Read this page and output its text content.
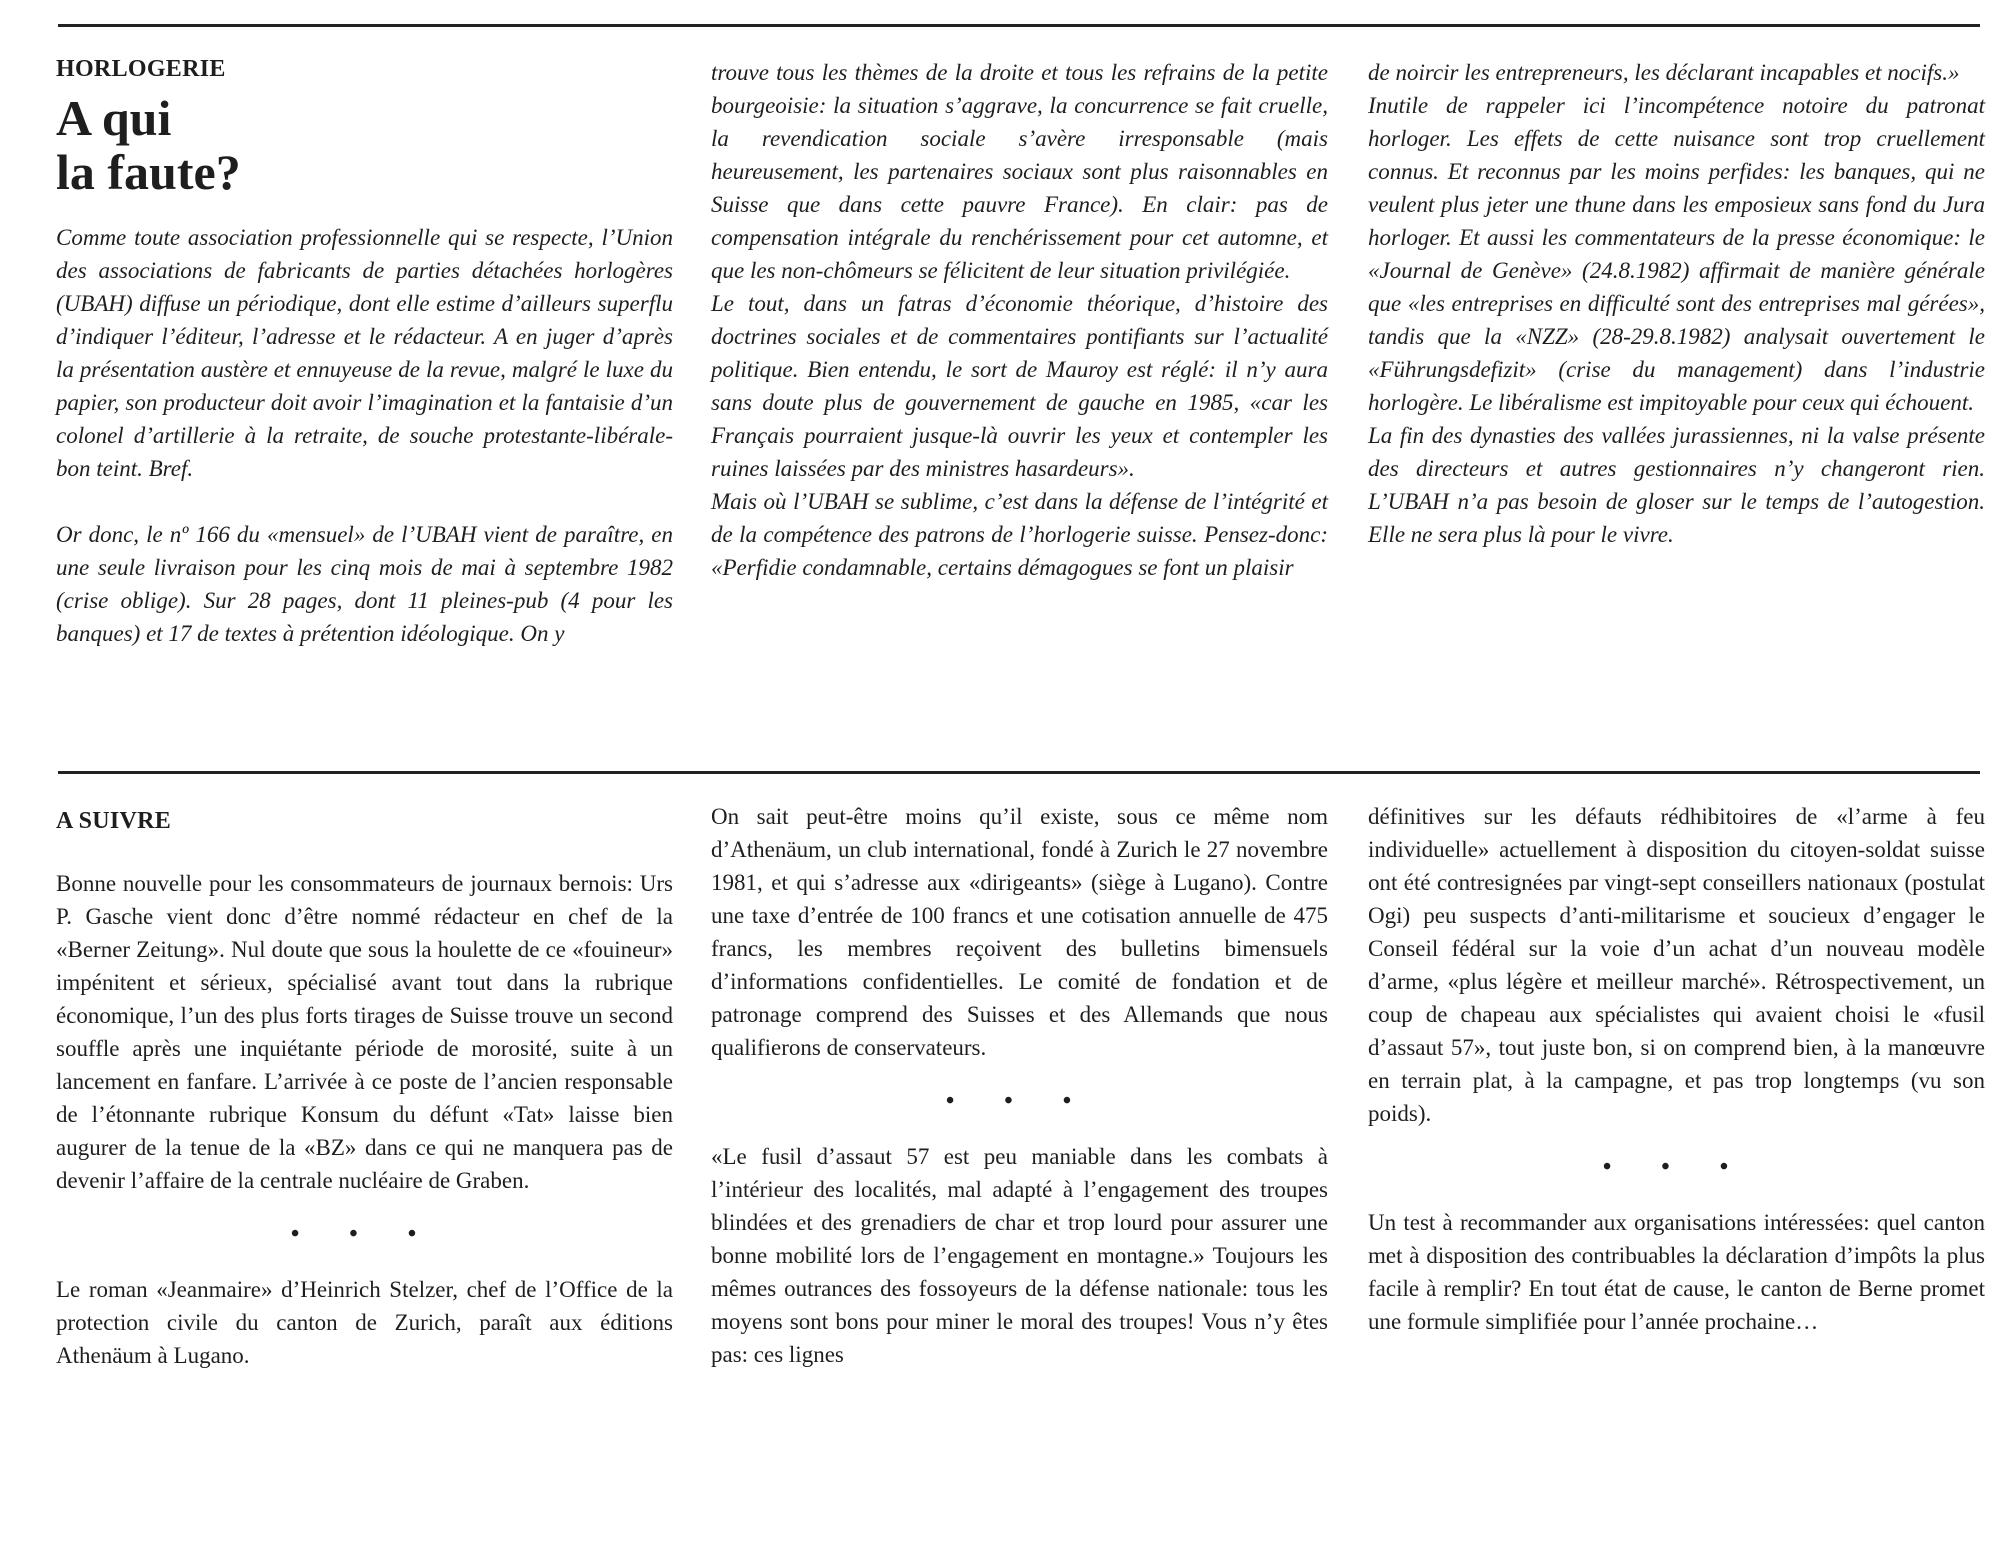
HORLOGERIE
A qui
la faute?

Comme toute association professionnelle qui se respecte, l’Union des associations de fabricants de parties détachées horlogères (UBAH) diffuse un périodique, dont elle estime d’ailleurs superflu d’indiquer l’éditeur, l’adresse et le rédacteur. A en juger d’après la présentation austère et ennuyeuse de la revue, malgré le luxe du papier, son producteur doit avoir l’imagination et la fantaisie d’un colonel d’artillerie à la retraite, de souche protestante-libérale-bon teint. Bref.

Or donc, le nº 166 du «mensuel» de l’UBAH vient de paraître, en une seule livraison pour les cinq mois de mai à septembre 1982 (crise oblige). Sur 28 pages, dont 11 pleines-pub (4 pour les banques) et 17 de textes à prétention idéologique. On y

trouve tous les thèmes de la droite et tous les refrains de la petite bourgeoisie: la situation s’aggrave, la concurrence se fait cruelle, la revendication sociale s’avère irresponsable (mais heureusement, les partenaires sociaux sont plus raisonnables en Suisse que dans cette pauvre France). En clair: pas de compensation intégrale du renchérissement pour cet automne, et que les non-chômeurs se félicitent de leur situation privilégiée.

Le tout, dans un fatras d’économie théorique, d’histoire des doctrines sociales et de commentaires pontifiants sur l’actualité politique. Bien entendu, le sort de Mauroy est réglé: il n’y aura sans doute plus de gouvernement de gauche en 1985, «car les Français pourraient jusque-là ouvrir les yeux et contempler les ruines laissées par des ministres hasardeurs».

Mais où l’UBAH se sublime, c’est dans la défense de l’intégrité et de la compétence des patrons de l’horlogerie suisse. Pensez-donc: «Perfidie condamnable, certains démagogues se font un plaisir

de noircir les entrepreneurs, les déclarant incapables et nocifs.»

Inutile de rappeler ici l’incompétence notoire du patronat horloger. Les effets de cette nuisance sont trop cruellement connus. Et reconnus par les moins perfides: les banques, qui ne veulent plus jeter une thune dans les emposieux sans fond du Jura horloger. Et aussi les commentateurs de la presse économique: le «Journal de Genève» (24.8.1982) affirmait de manière générale que «les entreprises en difficulté sont des entreprises mal gérées», tandis que la «NZZ» (28-29.8.1982) analysait ouvertement le «Führungsdefizit» (crise du management) dans l’industrie horlogère. Le libéralisme est impitoyable pour ceux qui échouent.

La fin des dynasties des vallées jurassiennes, ni la valse présente des directeurs et autres gestionnaires n’y changeront rien. L’UBAH n’a pas besoin de gloser sur le temps de l’autogestion. Elle ne sera plus là pour le vivre.

A SUIVRE

Bonne nouvelle pour les consommateurs de journaux bernois: Urs P. Gasche vient donc d’être nommé rédacteur en chef de la «Berner Zeitung». Nul doute que sous la houlette de ce «fouineur» impénitent et sérieux, spécialisé avant tout dans la rubrique économique, l’un des plus forts tirages de Suisse trouve un second souffle après une inquiétante période de morosité, suite à un lancement en fanfare. L’arrivée à ce poste de l’ancien responsable de l’étonnante rubrique Konsum du défunt «Tat» laisse bien augurer de la tenue de la «BZ» dans ce qui ne manquera pas de devenir l’affaire de la centrale nucléaire de Graben.

• • •

Le roman «Jeanmaire» d’Heinrich Stelzer, chef de l’Office de la protection civile du canton de Zurich, paraît aux éditions Athenäum à Lugano.

On sait peut-être moins qu’il existe, sous ce même nom d’Athenäum, un club international, fondé à Zurich le 27 novembre 1981, et qui s’adresse aux «dirigeants» (siège à Lugano). Contre une taxe d’entrée de 100 francs et une cotisation annuelle de 475 francs, les membres reçoivent des bulletins bimensuels d’informations confidentielles. Le comité de fondation et de patronage comprend des Suisses et des Allemands que nous qualifierons de conservateurs.

• • •

«Le fusil d’assaut 57 est peu maniable dans les combats à l’intérieur des localités, mal adapté à l’engagement des troupes blindées et des grenadiers de char et trop lourd pour assurer une bonne mobilité lors de l’engagement en montagne.» Toujours les mêmes outrances des fossoyeurs de la défense nationale: tous les moyens sont bons pour miner le moral des troupes! Vous n’y êtes pas: ces lignes

définitives sur les défauts rédhibitoires de «l’arme à feu individuelle» actuellement à disposition du citoyen-soldat suisse ont été contresignées par vingt-sept conseillers nationaux (postulat Ogi) peu suspects d’anti-militarisme et soucieux d’engager le Conseil fédéral sur la voie d’un achat d’un nouveau modèle d’arme, «plus légère et meilleur marché». Rétrospectivement, un coup de chapeau aux spécialistes qui avaient choisi le «fusil d’assaut 57», tout juste bon, si on comprend bien, à la manœuvre en terrain plat, à la campagne, et pas trop longtemps (vu son poids).

• • •

Un test à recommander aux organisations intéressées: quel canton met à disposition des contribuables la déclaration d’impôts la plus facile à remplir? En tout état de cause, le canton de Berne promet une formule simplifiée pour l’année prochaine…
